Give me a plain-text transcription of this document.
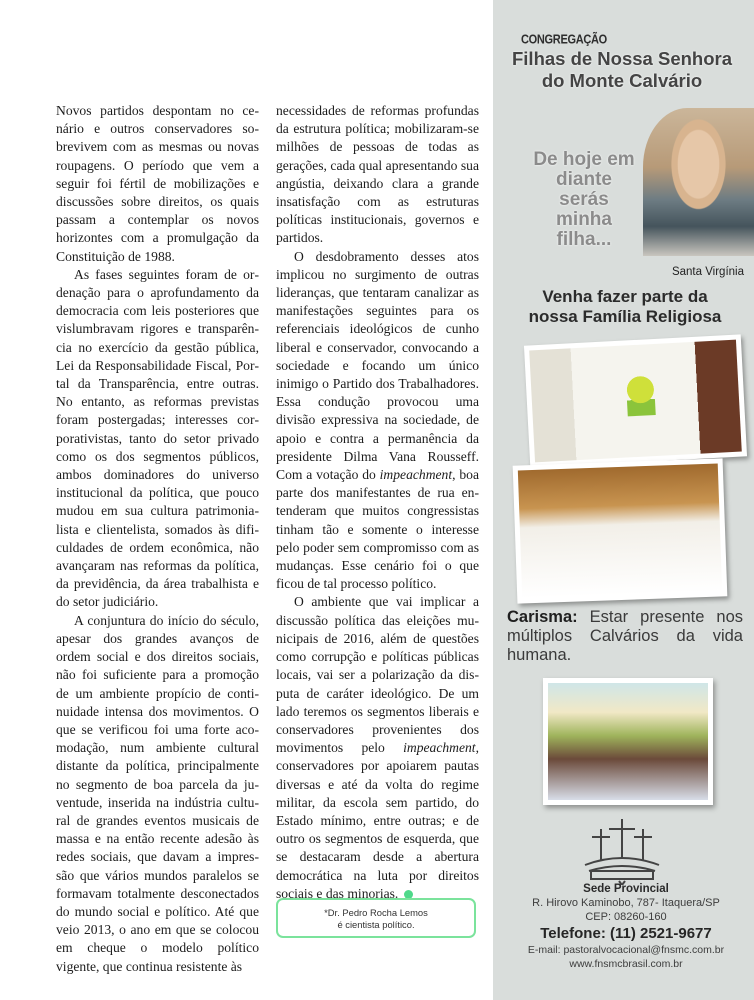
Novos partidos despontam no cenário e outros conservadores sobrevivem com as mesmas ou novas roupagens. O período que vem a seguir foi fértil de mobilizações e discussões sobre direitos, os quais passam a contemplar os novos horizontes com a promulgação da Constituição de 1988.

As fases seguintes foram de ordenação para o aprofundamento da democracia com leis posteriores que vislumbravam rigores e transparência no exercício da gestão pública, Lei da Responsabilidade Fiscal, Portal da Transparência, entre outras. No entanto, as reformas previstas foram postergadas; interesses corporativistas, tanto do setor privado como os dos segmentos públicos, ambos dominadores do universo institucional da política, que pouco mudou em sua cultura patrimonialista e clientelista, somados às dificuldades de ordem econômica, não avançaram nas reformas da política, da previdência, da área trabalhista e do setor judiciário.

A conjuntura do início do século, apesar dos grandes avanços de ordem social e dos direitos sociais, não foi suficiente para a promoção de um ambiente propício de continuidade intensa dos movimentos. O que se verificou foi uma forte acomodação, num ambiente cultural distante da política, principalmente no segmento de boa parcela da juventude, inserida na indústria cultural de grandes eventos musicais de massa e na então recente adesão às redes sociais, que davam a impressão que vários mundos paralelos se formavam totalmente desconectados do mundo social e político. Até que veio 2013, o ano em que se colocou em cheque o modelo político vigente, que continua resistente às

necessidades de reformas profundas da estrutura política; mobilizaram-se milhões de pessoas de todas as gerações, cada qual apresentando sua angústia, deixando clara a grande insatisfação com as estruturas políticas institucionais, governos e partidos.

O desdobramento desses atos implicou no surgimento de outras lideranças, que tentaram canalizar as manifestações seguintes para os referenciais ideológicos de cunho liberal e conservador, convocando a sociedade e focando um único inimigo o Partido dos Trabalhadores. Essa condução provocou uma divisão expressiva na sociedade, de apoio e contra a permanência da presidente Dilma Vana Rousseff. Com a votação do impeachment, boa parte dos manifestantes de rua entenderam que muitos congressistas tinham tão e somente o interesse pelo poder sem compromisso com as mudanças. Esse cenário foi o que ficou de tal processo político.

O ambiente que vai implicar a discussão política das eleições municipais de 2016, além de questões como corrupção e políticas públicas locais, vai ser a polarização da disputa de caráter ideológico. De um lado teremos os segmentos liberais e conservadores provenientes dos movimentos pelo impeachment, conservadores por apoiarem pautas diversas e até da volta do regime militar, da escola sem partido, do Estado mínimo, entre outras; e de outro os segmentos de esquerda, que se destacaram desde a abertura democrática na luta por direitos sociais e das minorias.

*Dr. Pedro Rocha Lemos
é cientista político.
CONGREGAÇÃO
Filhas de Nossa Senhora
do Monte Calvário
De hoje em diante serás minha filha...
Santa Virgínia
Venha fazer parte da
nossa Família Religiosa
Carisma: Estar presente nos múltiplos Calvários da vida humana.
Sede Provincial
R. Hirovo Kaminobo, 787- Itaquera/SP
CEP: 08260-160
Telefone: (11) 2521-9677
E-mail: pastoralvocacional@fnsmc.com.br
www.fnsmcbrasil.com.br
